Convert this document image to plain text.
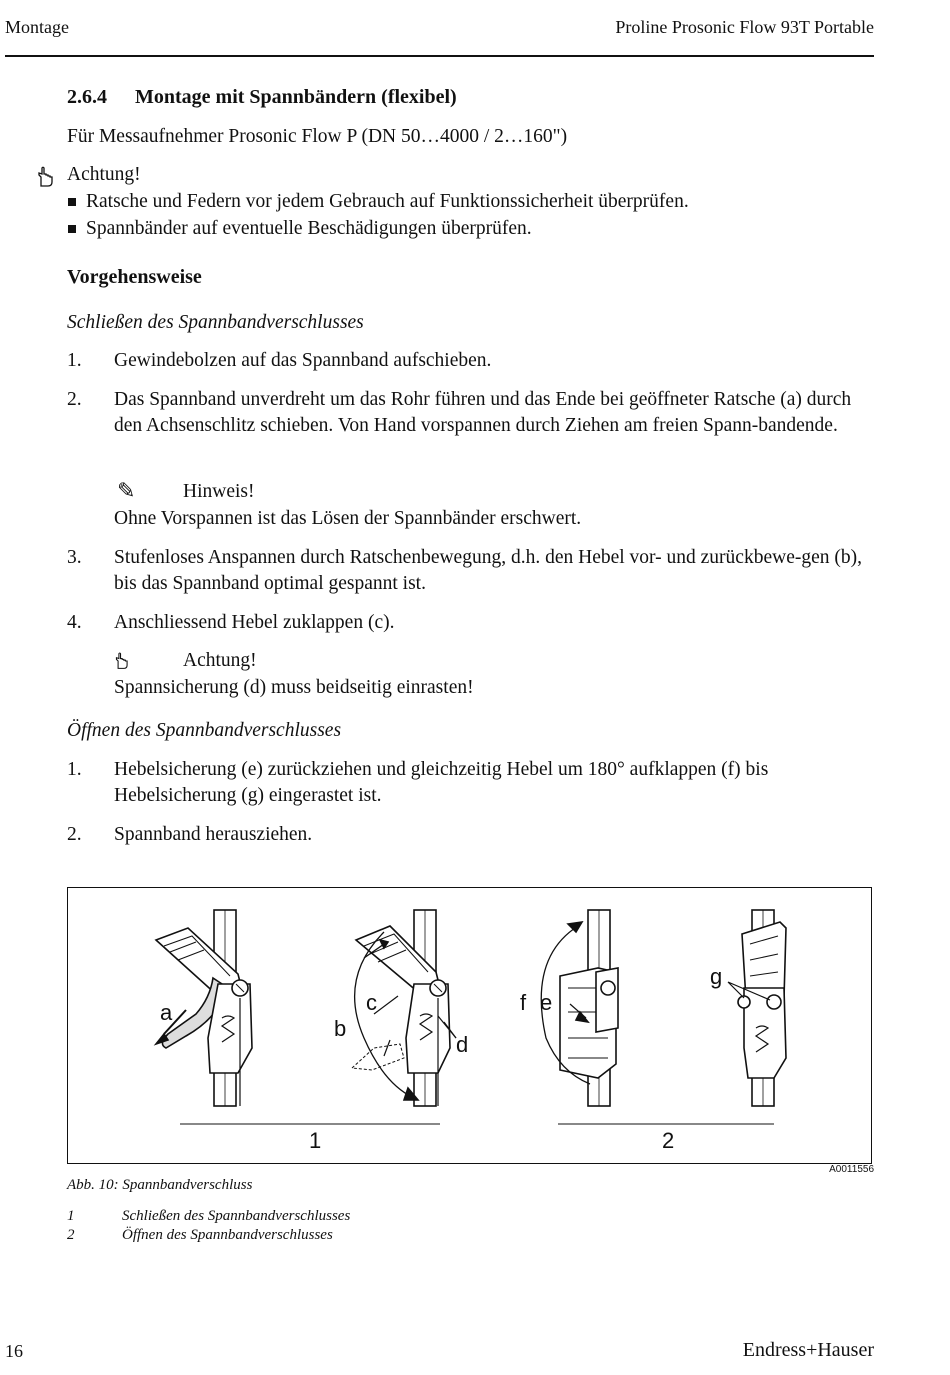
Montage	Proline Prosonic Flow 93T Portable
2.6.4 Montage mit Spannbändern (flexibel)
Für Messaufnehmer Prosonic Flow P (DN 50…4000 / 2…160")
Achtung!
Ratsche und Federn vor jedem Gebrauch auf Funktionssicherheit überprüfen.
Spannbänder auf eventuelle Beschädigungen überprüfen.
Vorgehensweise
Schließen des Spannbandverschlusses
1. Gewindebolzen auf das Spannband aufschieben.
2. Das Spannband unverdreht um das Rohr führen und das Ende bei geöffneter Ratsche (a) durch den Achsenschlitz schieben. Von Hand vorspannen durch Ziehen am freien Spann-bandende.
✎ Hinweis!
Ohne Vorspannen ist das Lösen der Spannbänder erschwert.
3. Stufenloses Anspannen durch Ratschenbewegung, d.h. den Hebel vor- und zurückbewe-gen (b), bis das Spannband optimal gespannt ist.
4. Anschliessend Hebel zuklappen (c).
Achtung!
Spannsicherung (d) muss beidseitig einrasten!
Öffnen des Spannbandverschlusses
1. Hebelsicherung (e) zurückziehen und gleichzeitig Hebel um 180° aufklappen (f) bis Hebelsicherung (g) eingerastet ist.
2. Spannband herausziehen.
a
b
c
d
1
f e
g
2
A0011556
Abb. 10: Spannbandverschluss
1	Schließen des Spannbandverschlusses
2	Öffnen des Spannbandverschlusses
16	Endress+Hauser
